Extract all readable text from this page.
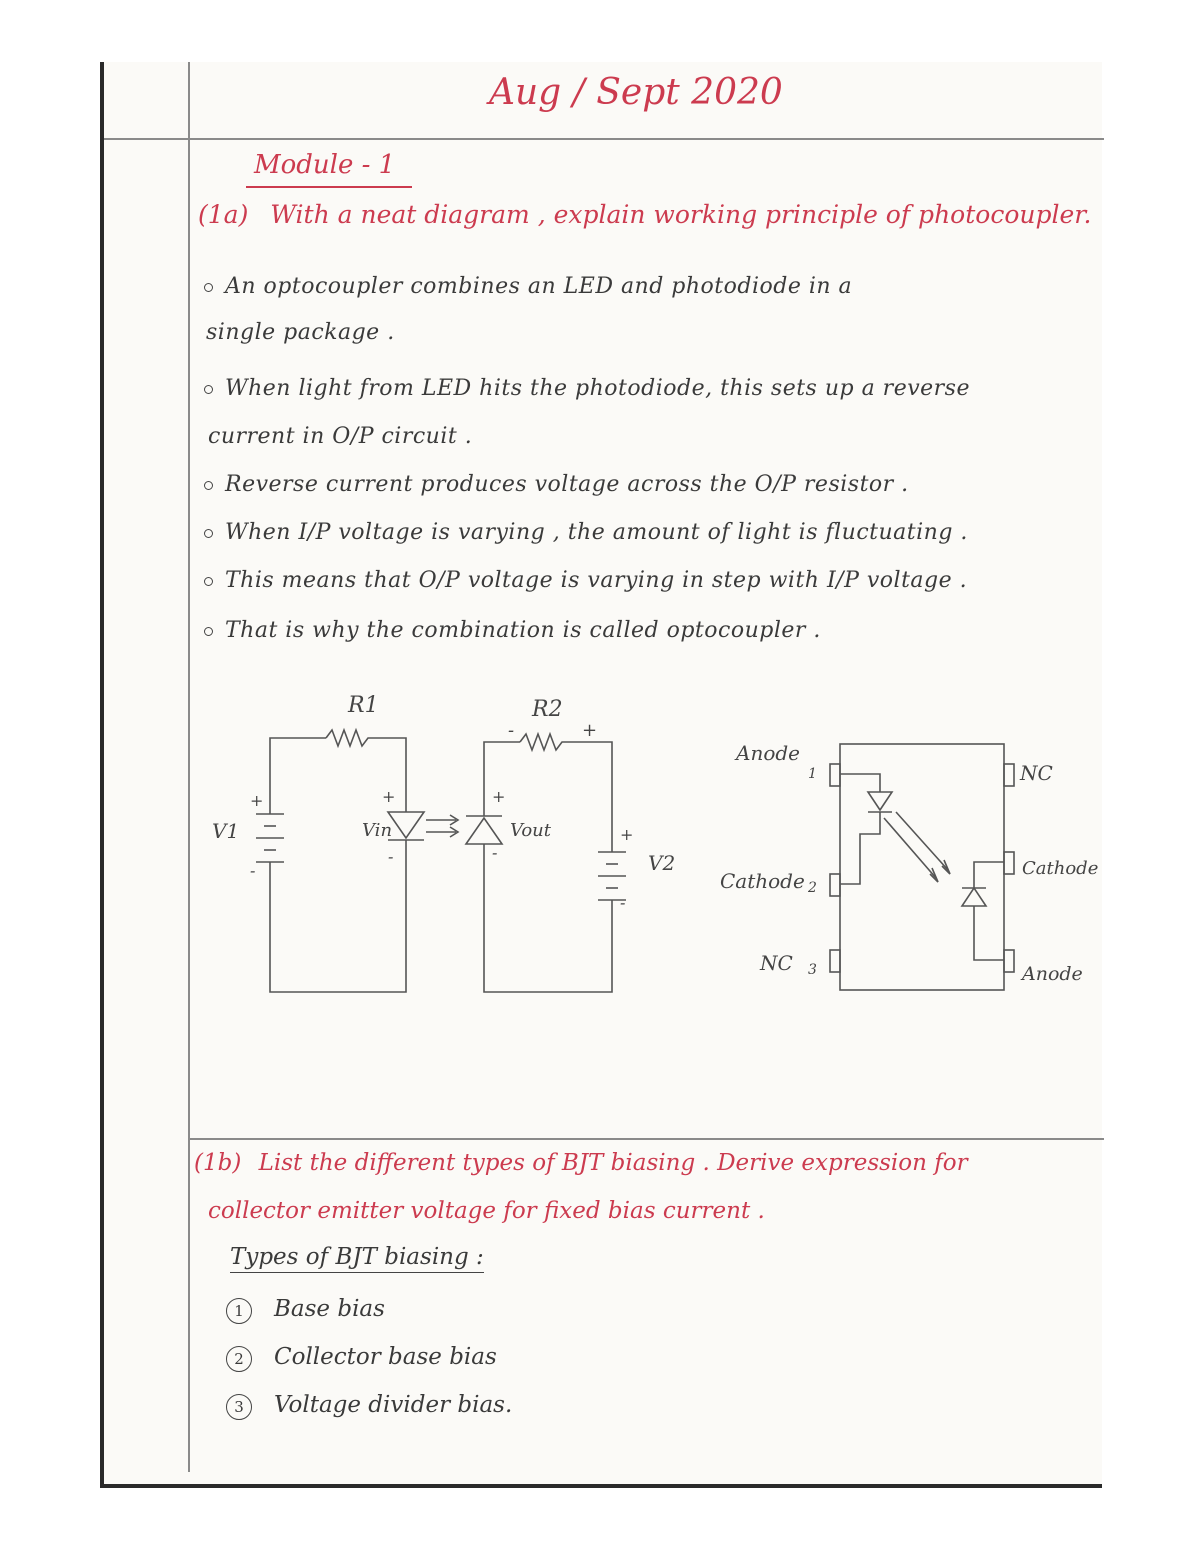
Aug / Sept 2020
Module - 1
(1a) With a neat diagram , explain working principle of photocoupler.
An optocoupler combines an LED and photodiode in a
single package .
When light from LED hits the photodiode, this sets up a reverse
current in O/P circuit .
Reverse current produces voltage across the O/P resistor .
When I/P voltage is varying , the amount of light is fluctuating .
This means that O/P voltage is varying in step with I/P voltage .
That is why the combination is called optocoupler .
R1	R2
-	+
V1
+
-
+
Vin
-
+
Vout
-
+
V2
-
Anode
1
Cathode 2
NC 3
NC
Cathode
Anode
(1b) List the different types of BJT biasing . Derive expression for
collector emitter voltage for fixed bias current .
Types of BJT biasing :
1 Base bias
2 Collector base bias
3 Voltage divider bias.
